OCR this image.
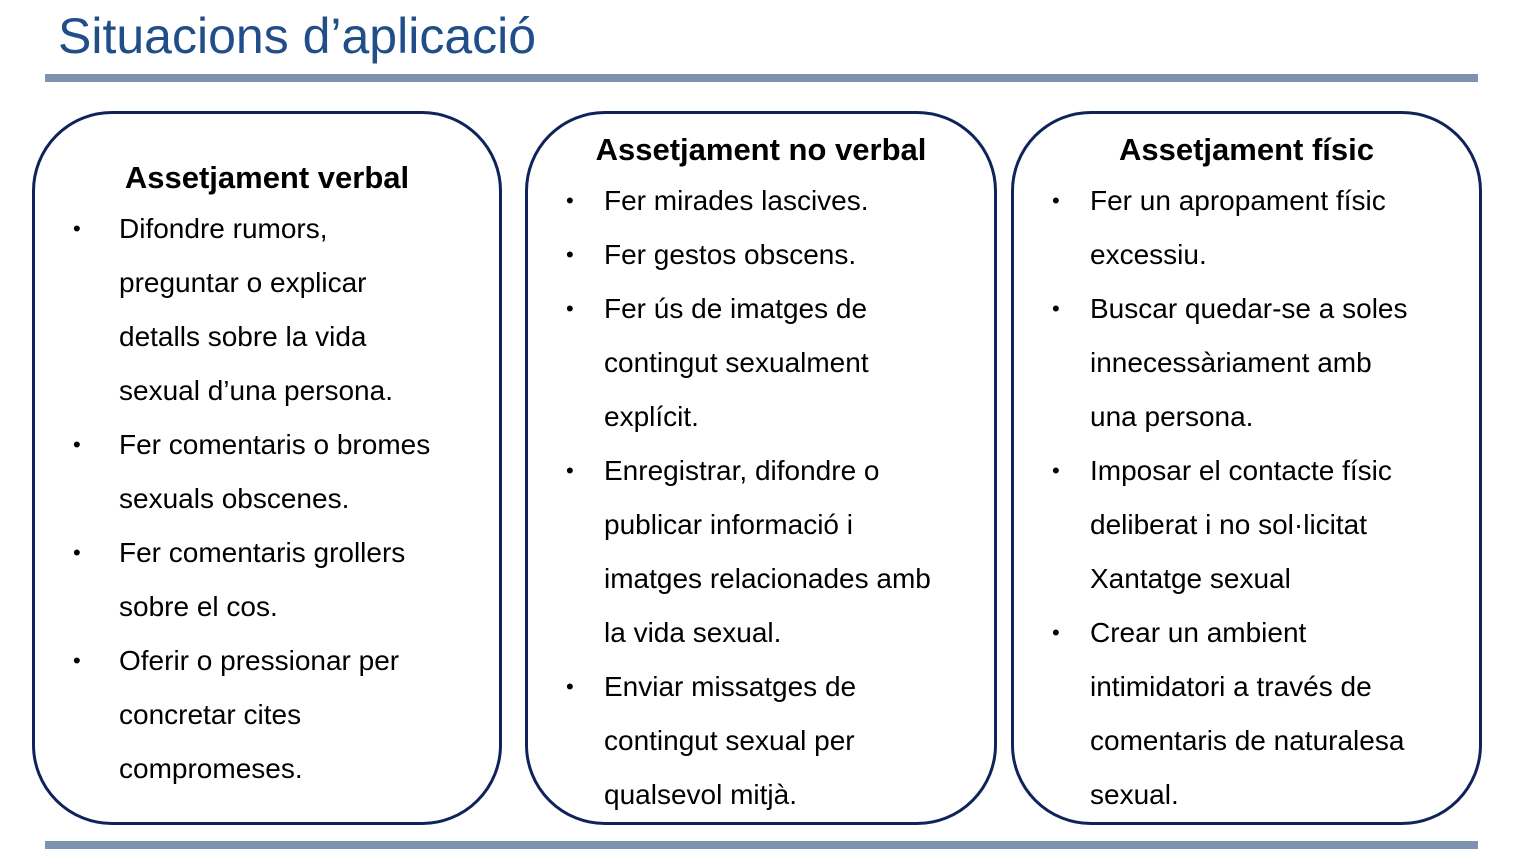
Situacions d’aplicació
Assetjament verbal
• Difondre rumors,
preguntar o explicar
detalls sobre la vida
sexual d’una persona.
• Fer comentaris o bromes
sexuals obscenes.
• Fer comentaris grollers
sobre el cos.
• Oferir o pressionar per
concretar cites
compromeses.
Assetjament no verbal
• Fer mirades lascives.
• Fer gestos obscens.
• Fer ús de imatges de
contingut sexualment
explícit.
• Enregistrar, difondre o
publicar informació i
imatges relacionades amb
la vida sexual.
• Enviar missatges de
contingut sexual per
qualsevol mitjà.
Assetjament físic
• Fer un apropament físic
excessiu.
• Buscar quedar-se a soles
innecessàriament amb
una persona.
• Imposar el contacte físic
deliberat i no sol·licitat
Xantatge sexual
• Crear un ambient
intimidatori a través de
comentaris de naturalesa
sexual.
